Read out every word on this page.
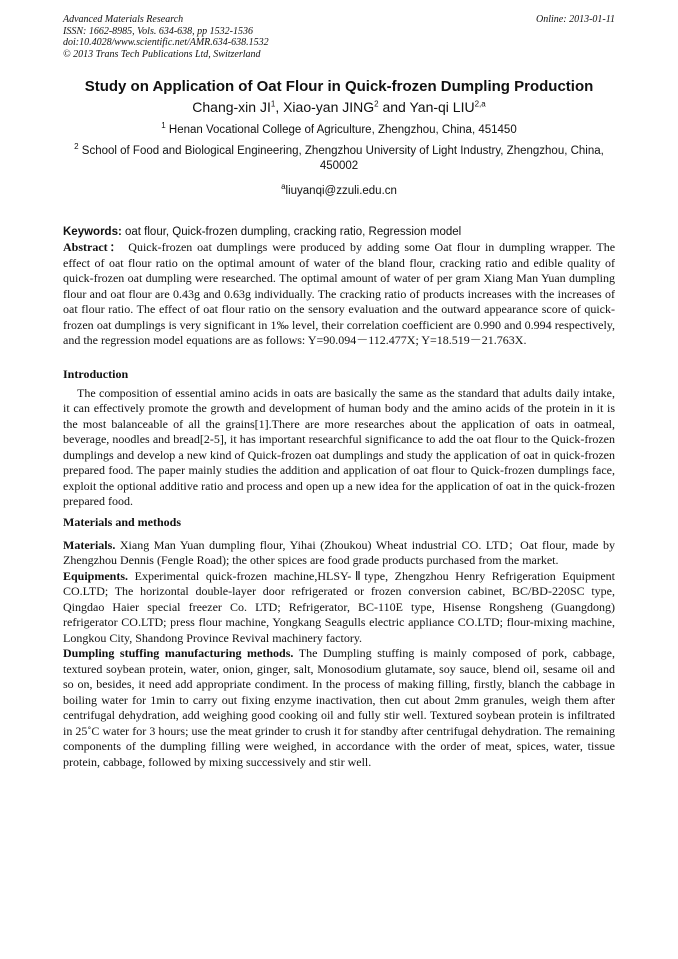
Advanced Materials Research
ISSN: 1662-8985, Vols. 634-638, pp 1532-1536
doi:10.4028/www.scientific.net/AMR.634-638.1532
© 2013 Trans Tech Publications Ltd, Switzerland
Online: 2013-01-11
Study on Application of Oat Flour in Quick-frozen Dumpling Production
Chang-xin $JI^1$, Xiao-yan JING$^2$ and Yan-qi LIU$^{2,a}$
$^1$ Henan Vocational College of Agriculture, Zhengzhou, China, 451450
$^2$ School of Food and Biological Engineering, Zhengzhou University of Light Industry, Zhengzhou, China, 450002
$^a$liuyanqi@zzuli.edu.cn
Keywords: oat flour, Quick-frozen dumpling, cracking ratio, Regression model

Abstract： Quick-frozen oat dumplings were produced by adding some Oat flour in dumpling wrapper. The effect of oat flour ratio on the optimal amount of water of the bland flour, cracking ratio and edible quality of quick-frozen oat dumpling were researched. The optimal amount of water of per gram Xiang Man Yuan dumpling flour and oat flour are 0.43g and 0.63g individually. The cracking ratio of products increases with the increases of oat flour ratio. The effect of oat flour ratio on the sensory evaluation and the outward appearance score of quick-frozen oat dumplings is very significant in 1‰ level, their correlation coefficient are 0.990 and 0.994 respectively, and the regression model equations are as follows: Y=90.094－112.477X; Y=18.519－21.763X.

Introduction

The composition of essential amino acids in oats are basically the same as the standard that adults daily intake, it can effectively promote the growth and development of human body and the amino acids of the protein in it is the most balanceable of all the grains[1].There are more researches about the application of oats in oatmeal, beverage, noodles and bread[2-5], it has important researchful significance to add the oat flour to the Quick-frozen dumplings and develop a new kind of Quick-frozen oat dumplings and study the application of oat in quick-frozen prepared food. The paper mainly studies the addition and application of oat flour to Quick-frozen dumplings face, exploit the optional additive ratio and process and open up a new idea for the application of oat in the quick-frozen prepared food.

Materials and methods

Materials. Xiang Man Yuan dumpling flour, Yihai (Zhoukou) Wheat industrial CO. LTD；Oat flour, made by Zhengzhou Dennis (Fengle Road); the other spices are food grade products purchased from the market.

Equipments. Experimental quick-frozen machine,HLSY-Ⅱtype, Zhengzhou Henry Refrigeration Equipment CO.LTD; The horizontal double-layer door refrigerated or frozen conversion cabinet, BC/BD-220SC type, Qingdao Haier special freezer Co. LTD; Refrigerator, BC-110E type, Hisense Rongsheng (Guangdong) refrigerator CO.LTD; press flour machine, Yongkang Seagulls electric appliance CO.LTD; flour-mixing machine, Longkou City, Shandong Province Revival machinery factory.

Dumpling stuffing manufacturing methods. The Dumpling stuffing is mainly composed of pork, cabbage, textured soybean protein, water, onion, ginger, salt, Monosodium glutamate, soy sauce, blend oil, sesame oil and so on, besides, it need add appropriate condiment. In the process of making filling, firstly, blanch the cabbage in boiling water for 1min to carry out fixing enzyme inactivation, then cut about 2mm granules, weigh them after centrifugal dehydration, add weighing good cooking oil and fully stir well. Textured soybean protein is infiltrated in 25˚C water for 3 hours; use the meat grinder to crush it for standby after centrifugal dehydration. The remaining components of the dumpling filling were weighed, in accordance with the order of meat, spices, water, tissue protein, cabbage, followed by mixing successively and stir well.
